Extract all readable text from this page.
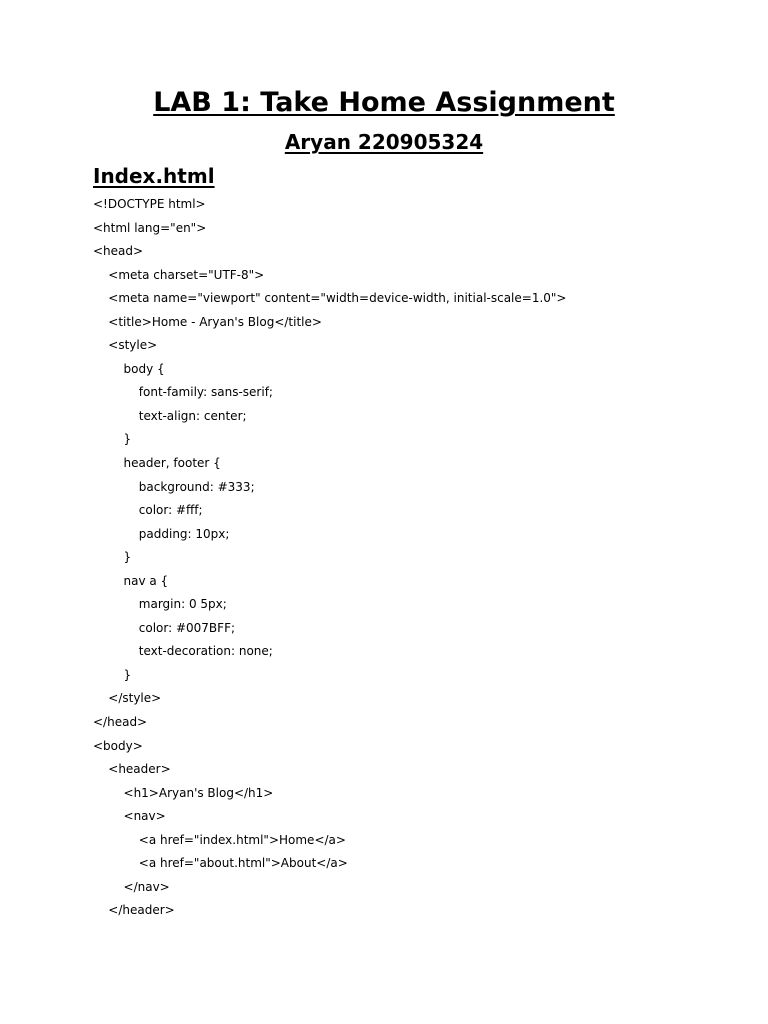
LAB 1: Take Home Assignment
Aryan 220905324
Index.html
<!DOCTYPE html>
<html lang="en">
<head>
<meta charset="UTF-8">
<meta name="viewport" content="width=device-width, initial-scale=1.0">
<title>Home - Aryan's Blog</title>
<style>
body {
font-family: sans-serif;
text-align: center;
}
header, footer {
background: #333;
color: #fff;
padding: 10px;
}
nav a {
margin: 0 5px;
color: #007BFF;
text-decoration: none;
}
</style>
</head>
<body>
<header>
<h1>Aryan's Blog</h1>
<nav>
<a href="index.html">Home</a>
<a href="about.html">About</a>
</nav>
</header>
